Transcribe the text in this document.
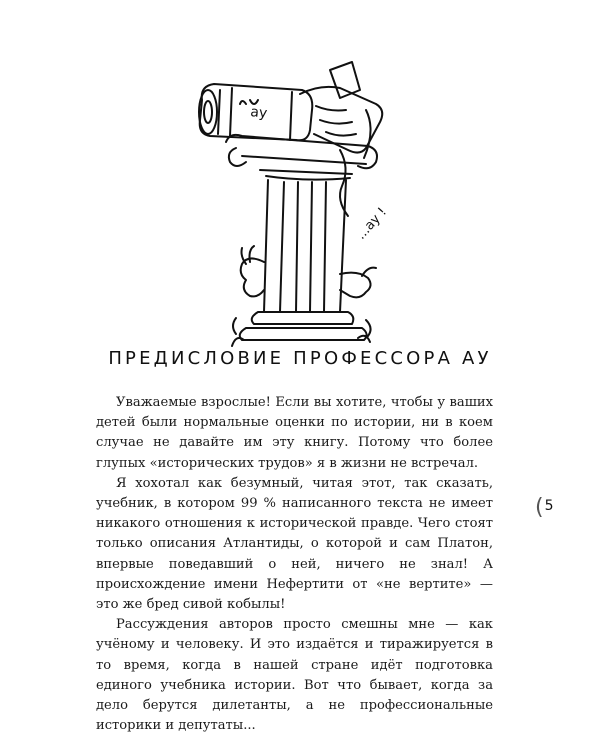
ау
...ау !
ПРЕДИСЛОВИЕ ПРОФЕССОРА АУ

Уважаемые взрослые! Если вы хотите, чтобы у ваших детей были нормальные оценки по истории, ни в коем случае не давайте им эту книгу. Потому что более глупых «исторических трудов» я в жизни не встречал.

Я хохотал как безумный, читая этот, так сказать, учебник, в котором 99 % написанного текста не имеет никакого отношения к исторической правде. Чего стоят только описания Атлантиды, о которой и сам Платон, впервые поведавший о ней, ничего не знал! А происхождение имени Нефертити от «не вертите» — это же бред сивой кобылы!

Рассуждения авторов просто смешны мне — как учёному и человеку. И это издаётся и тиражируется в то время, когда в нашей стране идёт подготовка единого учебника истории. Вот что бывает, когда за дело берутся дилетанты, а не профессиональные историки и депутаты...

(5
